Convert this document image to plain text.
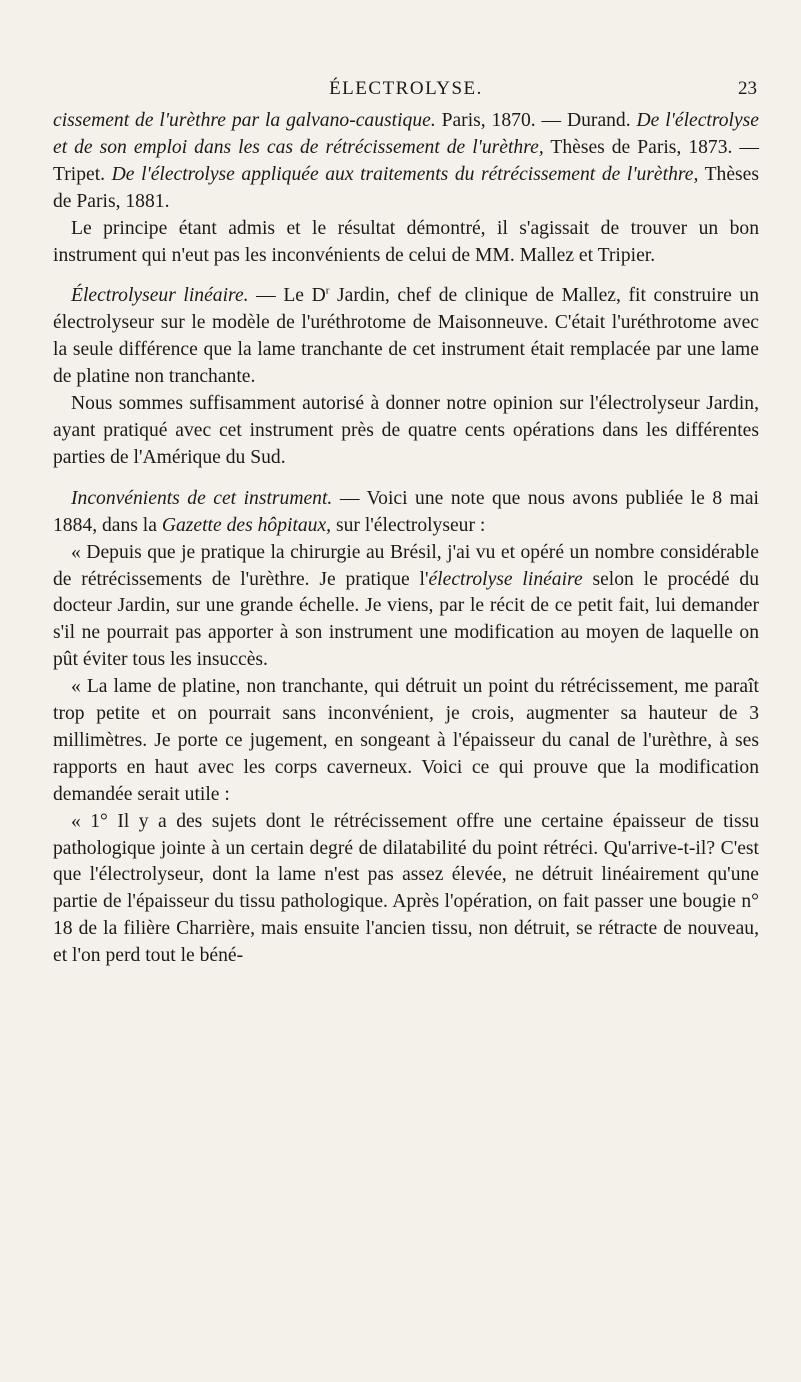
ÉLECTROLYSE.	23

cissement de l'urèthre par la galvano-caustique. Paris, 1870. — Durand. De l'électrolyse et de son emploi dans les cas de rétrécissement de l'urèthre, Thèses de Paris, 1873. — Tripet. De l'électrolyse appliquée aux traitements du rétrécissement de l'urèthre, Thèses de Paris, 1881.

Le principe étant admis et le résultat démontré, il s'agissait de trouver un bon instrument qui n'eut pas les inconvénients de celui de MM. Mallez et Tripier.

Électrolyseur linéaire. — Le $D^r$ Jardin, chef de clinique de Mallez, fit construire un électrolyseur sur le modèle de l'uréthrotome de Maisonneuve. C'était l'uréthrotome avec la seule différence que la lame tranchante de cet instrument était remplacée par une lame de platine non tranchante.

Nous sommes suffisamment autorisé à donner notre opinion sur l'électrolyseur Jardin, ayant pratiqué avec cet instrument près de quatre cents opérations dans les différentes parties de l'Amérique du Sud.

Inconvénients de cet instrument. — Voici une note que nous avons publiée le 8 mai 1884, dans la Gazette des hôpitaux, sur l'électrolyseur :

« Depuis que je pratique la chirurgie au Brésil, j'ai vu et opéré un nombre considérable de rétrécissements de l'urèthre. Je pratique l'électrolyse linéaire selon le procédé du docteur Jardin, sur une grande échelle. Je viens, par le récit de ce petit fait, lui demander s'il ne pourrait pas apporter à son instrument une modification au moyen de laquelle on pût éviter tous les insuccès.

« La lame de platine, non tranchante, qui détruit un point du rétrécissement, me paraît trop petite et on pourrait sans inconvénient, je crois, augmenter sa hauteur de 3 millimètres. Je porte ce jugement, en songeant à l'épaisseur du canal de l'urèthre, à ses rapports en haut avec les corps caverneux. Voici ce qui prouve que la modification demandée serait utile :

« 1° Il y a des sujets dont le rétrécissement offre une certaine épaisseur de tissu pathologique jointe à un certain degré de dilatabilité du point rétréci. Qu'arrive-t-il? C'est que l'électrolyseur, dont la lame n'est pas assez élevée, ne détruit linéairement qu'une partie de l'épaisseur du tissu pathologique. Après l'opération, on fait passer une bougie n° 18 de la filière Charrière, mais ensuite l'ancien tissu, non détruit, se rétracte de nouveau, et l'on perd tout le béné-
